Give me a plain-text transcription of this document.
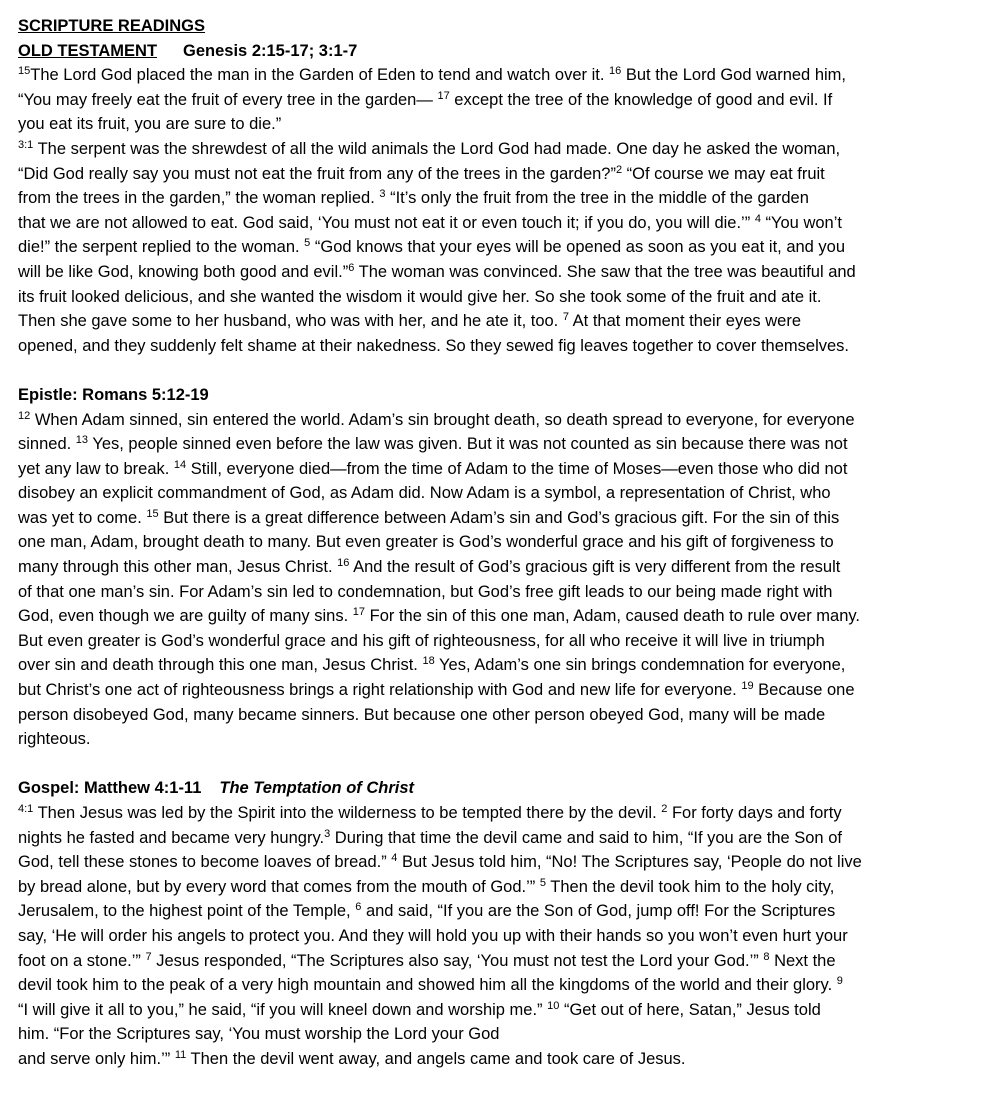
SCRIPTURE READINGS
OLD TESTAMENT Genesis 2:15-17; 3:1-7
$^{15}$The Lord God placed the man in the Garden of Eden to tend and watch over it. $^{16}$ But the Lord God warned him,
“You may freely eat the fruit of every tree in the garden— $^{17}$ except the tree of the knowledge of good and evil. If
you eat its fruit, you are sure to die.”
$^{3:1}$ The serpent was the shrewdest of all the wild animals the Lord God had made. One day he asked the woman,
“Did God really say you must not eat the fruit from any of the trees in the garden?”$^2$ “Of course we may eat fruit
from the trees in the garden,” the woman replied. $^3$ “It’s only the fruit from the tree in the middle of the garden
that we are not allowed to eat. God said, ‘You must not eat it or even touch it; if you do, you will die.’” $^4$ “You won’t
die!” the serpent replied to the woman. $^5$ “God knows that your eyes will be opened as soon as you eat it, and you
will be like God, knowing both good and evil.”$^6$ The woman was convinced. She saw that the tree was beautiful and
its fruit looked delicious, and she wanted the wisdom it would give her. So she took some of the fruit and ate it.
Then she gave some to her husband, who was with her, and he ate it, too. $^7$ At that moment their eyes were
opened, and they suddenly felt shame at their nakedness. So they sewed fig leaves together to cover themselves.
Epistle: Romans 5:12-19
$^{12}$ When Adam sinned, sin entered the world. Adam’s sin brought death, so death spread to everyone, for everyone
sinned. $^{13}$ Yes, people sinned even before the law was given. But it was not counted as sin because there was not
yet any law to break. $^{14}$ Still, everyone died—from the time of Adam to the time of Moses—even those who did not
disobey an explicit commandment of God, as Adam did. Now Adam is a symbol, a representation of Christ, who
was yet to come. $^{15}$ But there is a great difference between Adam’s sin and God’s gracious gift. For the sin of this
one man, Adam, brought death to many. But even greater is God’s wonderful grace and his gift of forgiveness to
many through this other man, Jesus Christ. $^{16}$ And the result of God’s gracious gift is very different from the result
of that one man’s sin. For Adam’s sin led to condemnation, but God’s free gift leads to our being made right with
God, even though we are guilty of many sins. $^{17}$ For the sin of this one man, Adam, caused death to rule over many.
But even greater is God’s wonderful grace and his gift of righteousness, for all who receive it will live in triumph
over sin and death through this one man, Jesus Christ. $^{18}$ Yes, Adam’s one sin brings condemnation for everyone,
but Christ’s one act of righteousness brings a right relationship with God and new life for everyone. $^{19}$ Because one
person disobeyed God, many became sinners. But because one other person obeyed God, many will be made
righteous.
Gospel: Matthew 4:1-11 The Temptation of Christ
$^{4:1}$ Then Jesus was led by the Spirit into the wilderness to be tempted there by the devil. $^2$ For forty days and forty
nights he fasted and became very hungry.$^3$ During that time the devil came and said to him, “If you are the Son of
God, tell these stones to become loaves of bread.” $^4$ But Jesus told him, “No! The Scriptures say, ‘People do not live
by bread alone, but by every word that comes from the mouth of God.’” $^5$ Then the devil took him to the holy city,
Jerusalem, to the highest point of the Temple, $^6$ and said, “If you are the Son of God, jump off! For the Scriptures
say, ‘He will order his angels to protect you. And they will hold you up with their hands so you won’t even hurt your
foot on a stone.’” $^7$ Jesus responded, “The Scriptures also say, ‘You must not test the Lord your God.’” $^8$ Next the
devil took him to the peak of a very high mountain and showed him all the kingdoms of the world and their glory. $^9$
“I will give it all to you,” he said, “if you will kneel down and worship me.” $^{10}$ “Get out of here, Satan,” Jesus told
him. “For the Scriptures say, ‘You must worship the Lord your God
and serve only him.’” $^{11}$ Then the devil went away, and angels came and took care of Jesus.
